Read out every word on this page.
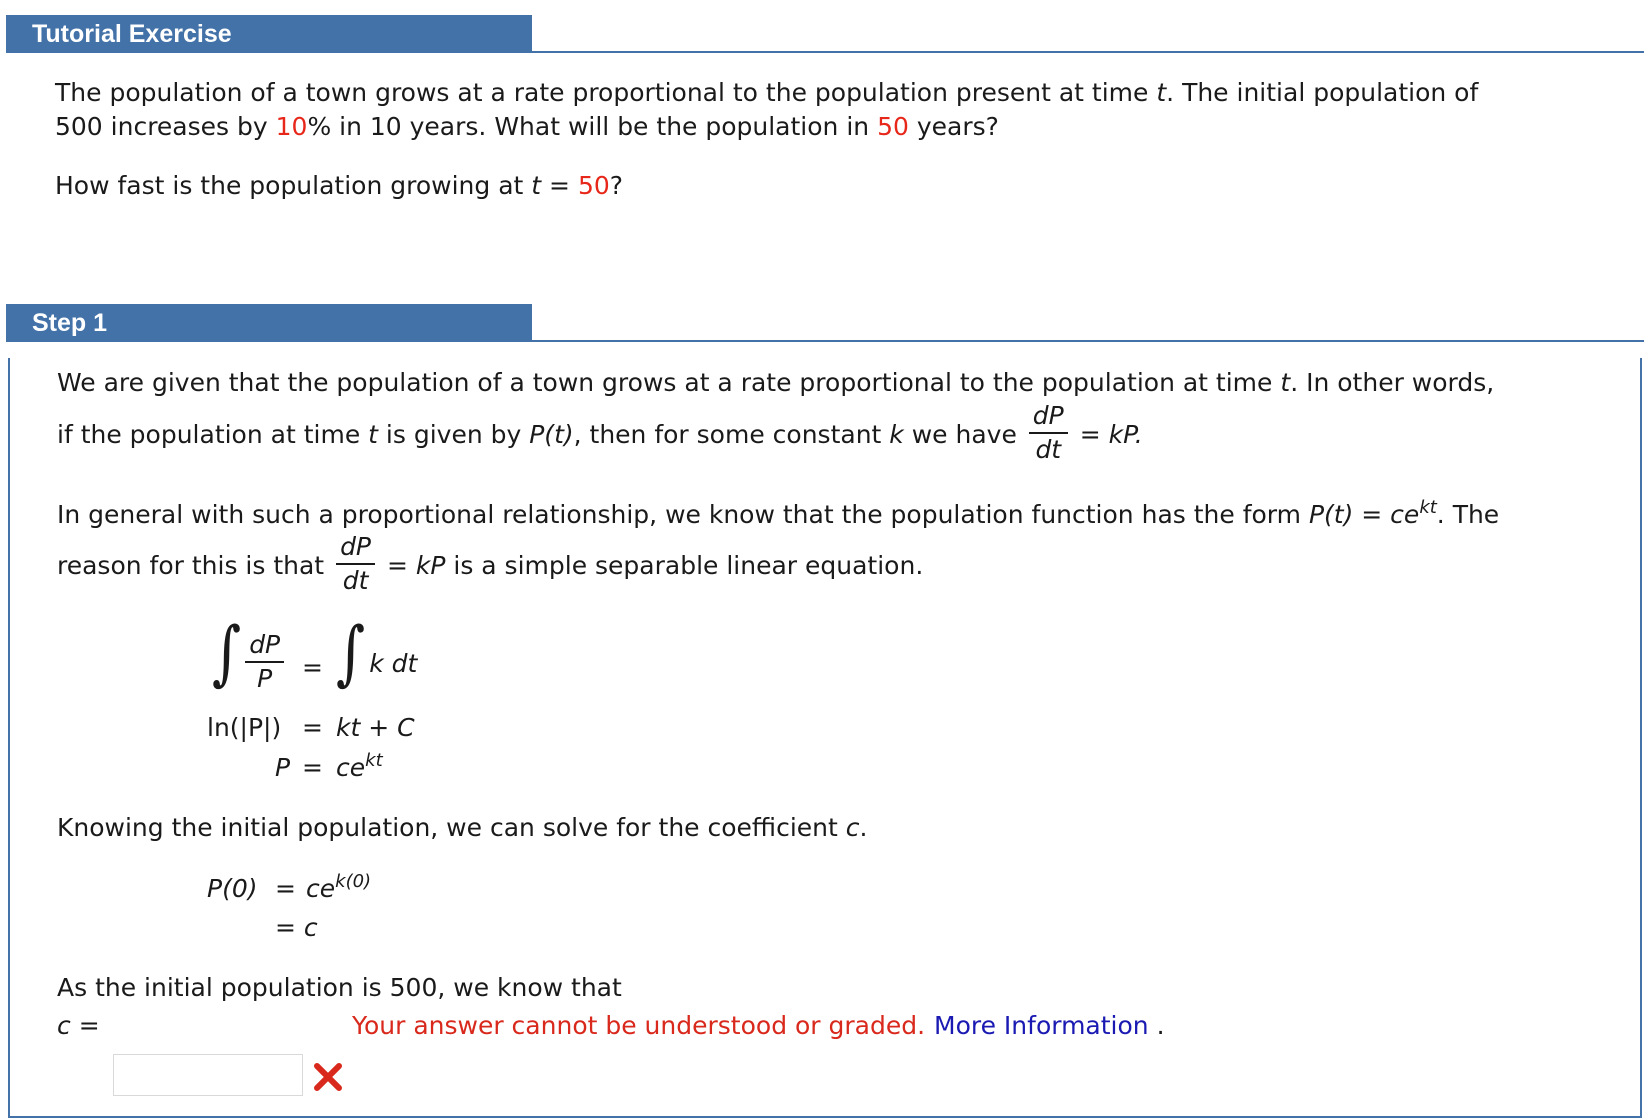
Tutorial Exercise
The population of a town grows at a rate proportional to the population present at time t. The initial population of
500 increases by 10% in 10 years. What will be the population in 50 years?
How fast is the population growing at t = 50?
Step 1
We are given that the population of a town grows at a rate proportional to the population at time t. In other words,
if the population at time t is given by P(t), then for some constant k we have $\frac{dP}{dt}$ = kP.
In general with such a proportional relationship, we know that the population function has the form $P(t) = ce^{kt}$. The
reason for this is that $\frac{dP}{dt}$ = kP is a simple separable linear equation.
∫ $\frac{dP}{P}$ = ∫ k dt
ln(|P|) = kt + C
$P = ce^{kt}$
Knowing the initial population, we can solve for the coefficient c.
$P(0) = ce^{k(0)}$
= c
As the initial population is 500, we know that
c =	Your answer cannot be understood or graded. More Information .
